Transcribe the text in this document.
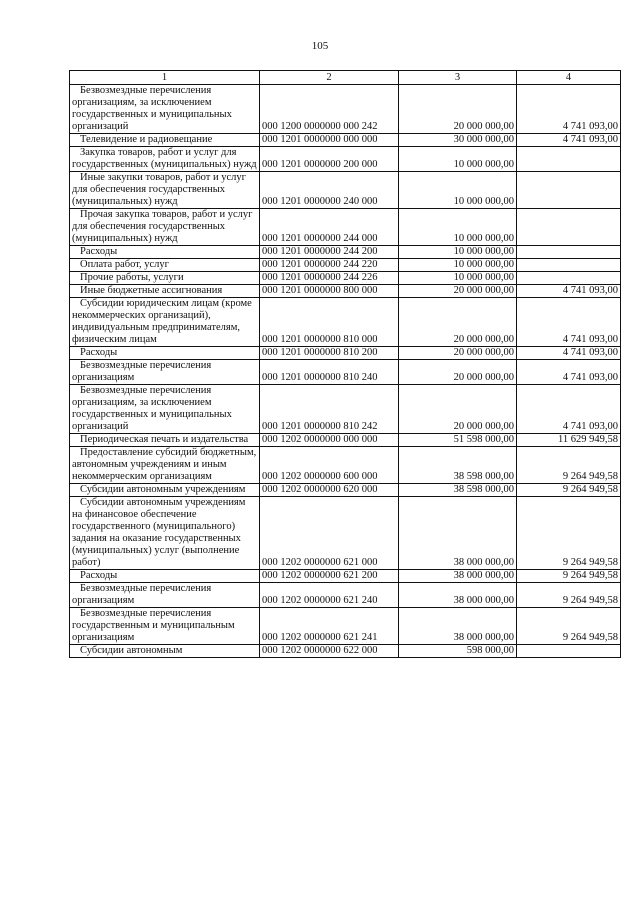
105
1	2	3	4

Безвозмездные перечисления организациям, за исключением государственных и муниципальных организаций	000 1200 0000000 000 242	20 000 000,00	4 741 093,00

Телевидение и радиовещание	000 1201 0000000 000 000	30 000 000,00	4 741 093,00

Закупка товаров, работ и услуг для государственных (муниципальных) нужд	000 1201 0000000 200 000	10 000 000,00	

Иные закупки товаров, работ и услуг для обеспечения государственных (муниципальных) нужд	000 1201 0000000 240 000	10 000 000,00	

Прочая закупка товаров, работ и услуг для обеспечения государственных (муниципальных) нужд	000 1201 0000000 244 000	10 000 000,00	

Расходы	000 1201 0000000 244 200	10 000 000,00	

Оплата работ, услуг	000 1201 0000000 244 220	10 000 000,00	

Прочие работы, услуги	000 1201 0000000 244 226	10 000 000,00	

Иные бюджетные ассигнования	000 1201 0000000 800 000	20 000 000,00	4 741 093,00

Субсидии юридическим лицам (кроме некоммерческих организаций), индивидуальным предпринимателям, физическим лицам	000 1201 0000000 810 000	20 000 000,00	4 741 093,00

Расходы	000 1201 0000000 810 200	20 000 000,00	4 741 093,00

Безвозмездные перечисления организациям	000 1201 0000000 810 240	20 000 000,00	4 741 093,00

Безвозмездные перечисления организациям, за исключением государственных и муниципальных организаций	000 1201 0000000 810 242	20 000 000,00	4 741 093,00

Периодическая печать и издательства	000 1202 0000000 000 000	51 598 000,00	11 629 949,58

Предоставление субсидий бюджетным, автономным учреждениям и иным некоммерческим организациям	000 1202 0000000 600 000	38 598 000,00	9 264 949,58

Субсидии автономным учреждениям	000 1202 0000000 620 000	38 598 000,00	9 264 949,58

Субсидии автономным учреждениям на финансовое обеспечение государственного (муниципального) задания на оказание государственных (муниципальных) услуг (выполнение работ)	000 1202 0000000 621 000	38 000 000,00	9 264 949,58

Расходы	000 1202 0000000 621 200	38 000 000,00	9 264 949,58

Безвозмездные перечисления организациям	000 1202 0000000 621 240	38 000 000,00	9 264 949,58

Безвозмездные перечисления государственным и муниципальным организациям	000 1202 0000000 621 241	38 000 000,00	9 264 949,58

Субсидии автономным	000 1202 0000000 622 000	598 000,00	
